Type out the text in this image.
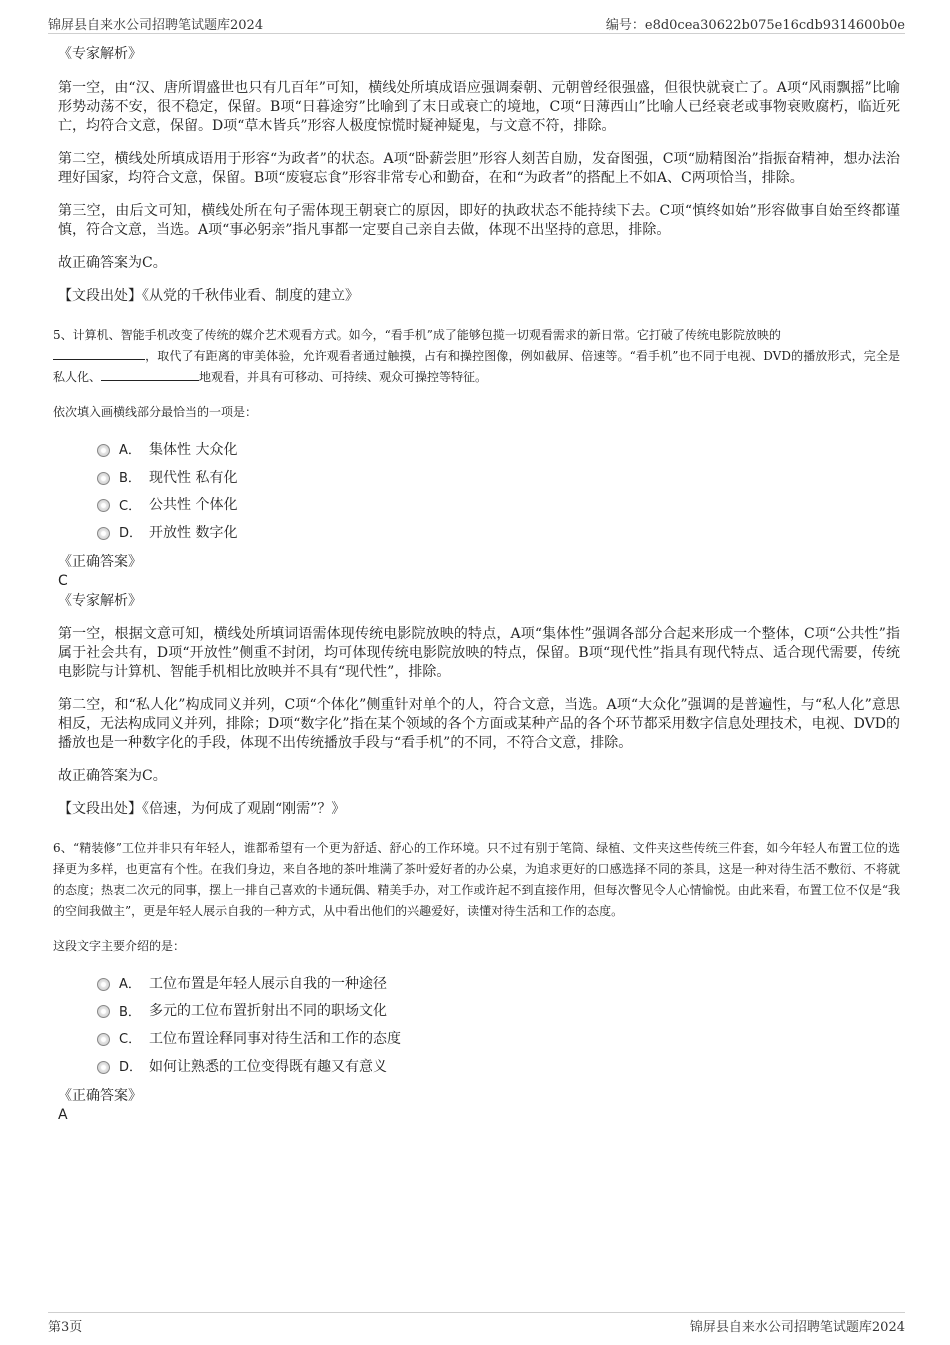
锦屏县自来水公司招聘笔试题库2024	编号：e8d0cea30622b075e16cdb9314600b0e

《专家解析》

第一空，由“汉、唐所谓盛世也只有几百年”可知，横线处所填成语应强调秦朝、元朝曾经很强盛，但很快就衰亡了。A项“风雨飘摇”比喻形势动荡不安，很不稳定，保留。B项“日暮途穷”比喻到了末日或衰亡的境地，C项“日薄西山”比喻人已经衰老或事物衰败腐朽，临近死亡，均符合文意，保留。D项“草木皆兵”形容人极度惊慌时疑神疑鬼，与文意不符，排除。

第二空，横线处所填成语用于形容“为政者”的状态。A项“卧薪尝胆”形容人刻苦自励，发奋图强，C项“励精图治”指振奋精神，想办法治理好国家，均符合文意，保留。B项“废寝忘食”形容非常专心和勤奋，在和“为政者”的搭配上不如A、C两项恰当，排除。

第三空，由后文可知，横线处所在句子需体现王朝衰亡的原因，即好的执政状态不能持续下去。C项“慎终如始”形容做事自始至终都谨慎，符合文意，当选。A项“事必躬亲”指凡事都一定要自己亲自去做，体现不出坚持的意思，排除。

故正确答案为C。

【文段出处】《从党的千秋伟业看、制度的建立》

5、计算机、智能手机改变了传统的媒介艺术观看方式。如今，“看手机”成了能够包揽一切观看需求的新日常。它打破了传统电影院放映的
，取代了有距离的审美体验，允许观看者通过触摸，占有和操控图像，例如截屏、倍速等。“看手机”也不同于电视、DVD的播放形式，完全是私人化、	地观看，并具有可移动、可持续、观众可操控等特征。

依次填入画横线部分最恰当的一项是：

A． 集体性 大众化
B． 现代性 私有化
C． 公共性 个体化
D． 开放性 数字化

《正确答案》

C

《专家解析》

第一空，根据文意可知，横线处所填词语需体现传统电影院放映的特点，A项“集体性”强调各部分合起来形成一个整体，C项“公共性”指属于社会共有，D项“开放性”侧重不封闭，均可体现传统电影院放映的特点，保留。B项“现代性”指具有现代特点、适合现代需要，传统电影院与计算机、智能手机相比放映并不具有“现代性”，排除。

第二空，和“私人化”构成同义并列，C项“个体化”侧重针对单个的人，符合文意，当选。A项“大众化”强调的是普遍性，与“私人化”意思相反，无法构成同义并列，排除；D项“数字化”指在某个领域的各个方面或某种产品的各个环节都采用数字信息处理技术，电视、DVD的播放也是一种数字化的手段，体现不出传统播放手段与“看手机”的不同，不符合文意，排除。

故正确答案为C。

【文段出处】《倍速，为何成了观剧“刚需”？》

6、“精装修”工位并非只有年轻人，谁都希望有一个更为舒适、舒心的工作环境。只不过有别于笔筒、绿植、文件夹这些传统三件套，如今年轻人布置工位的选择更为多样，也更富有个性。在我们身边，来自各地的茶叶堆满了茶叶爱好者的办公桌，为追求更好的口感选择不同的茶具，这是一种对待生活不敷衍、不将就的态度；热衷二次元的同事，摆上一排自己喜欢的卡通玩偶、精美手办，对工作或许起不到直接作用，但每次瞥见令人心情愉悦。由此来看，布置工位不仅是“我的空间我做主”，更是年轻人展示自我的一种方式，从中看出他们的兴趣爱好，读懂对待生活和工作的态度。

这段文字主要介绍的是：

A． 工位布置是年轻人展示自我的一种途径
B． 多元的工位布置折射出不同的职场文化
C． 工位布置诠释同事对待生活和工作的态度
D． 如何让熟悉的工位变得既有趣又有意义

《正确答案》

A

第3页	锦屏县自来水公司招聘笔试题库2024
